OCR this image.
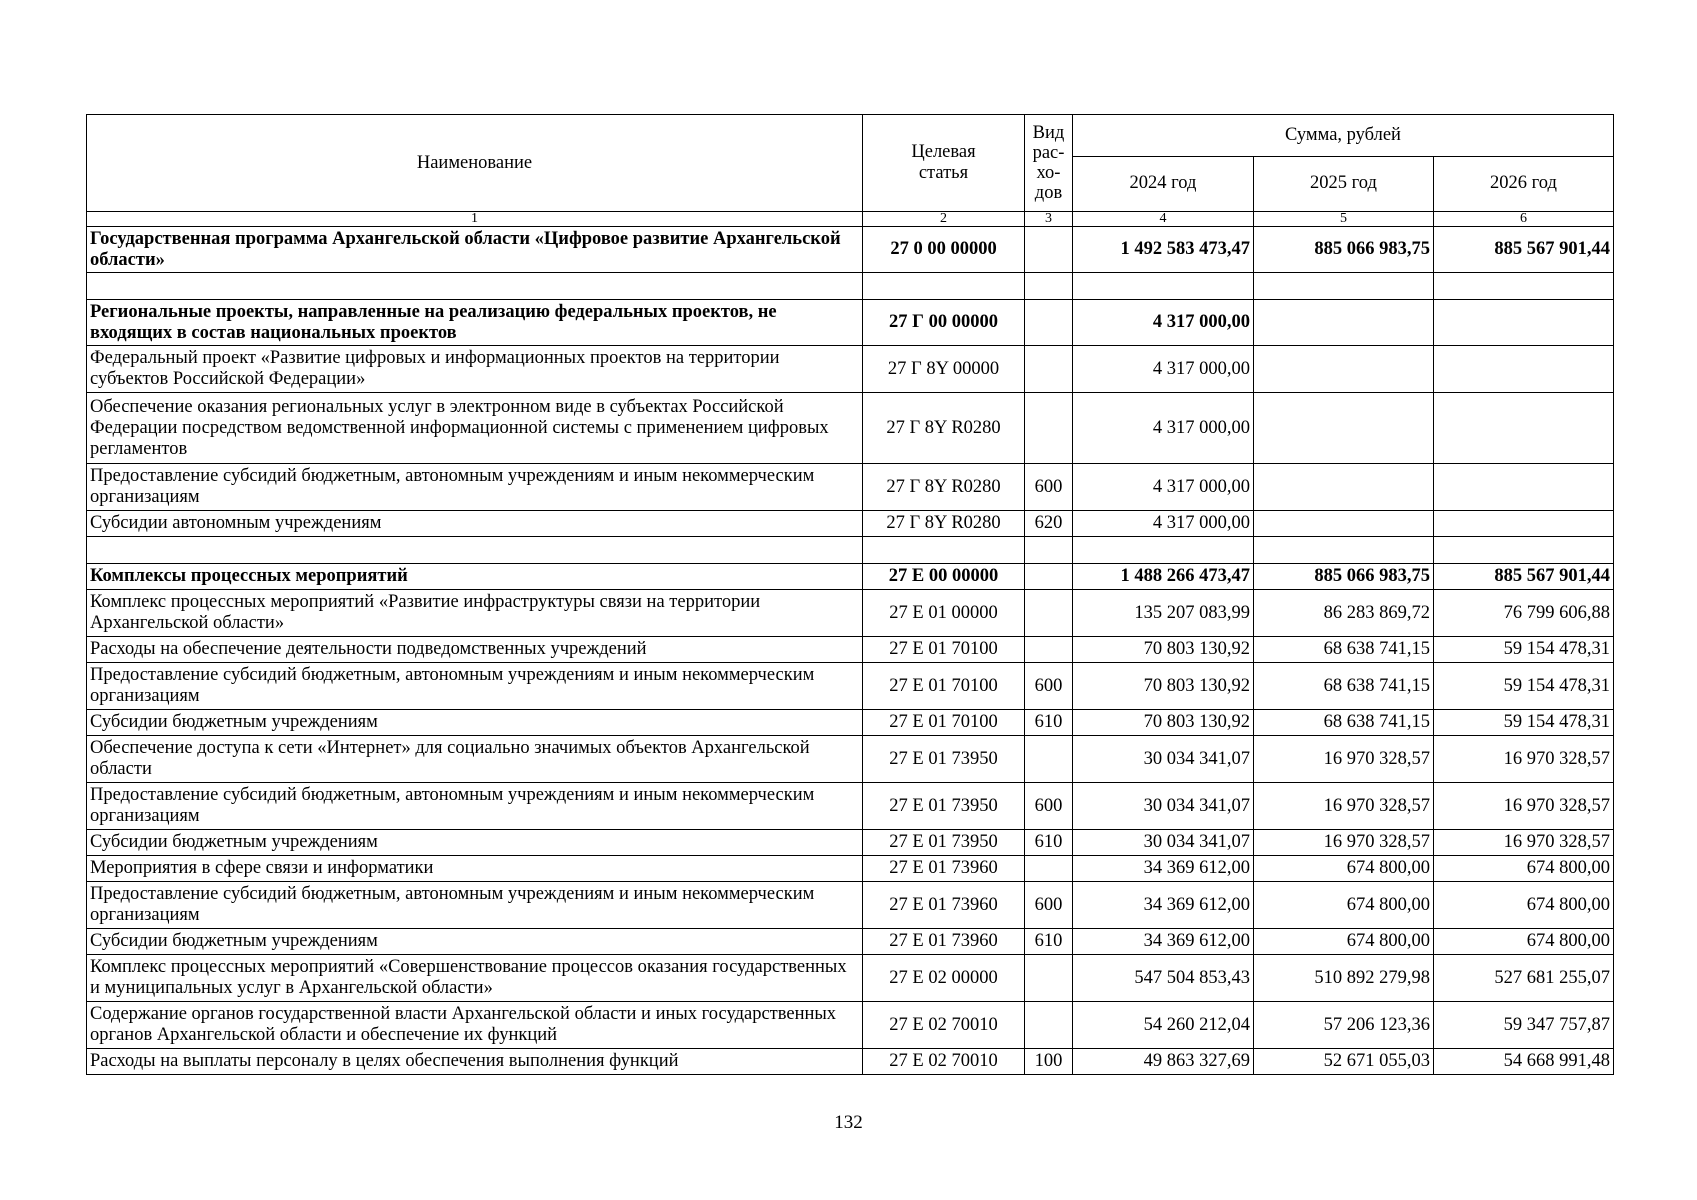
Наименование	Целевая статья	Вид
рас-
хо-
дов	Сумма, рублей		
			2024 год	2025 год	2026 год
1	2	3	4	5	6
Государственная программа Архангельской области «Цифровое развитие Архангельской области»	27 0 00 00000		1 492 583 473,47	885 066 983,75	885 567 901,44

Региональные проекты, направленные на реализацию федеральных проектов, не входящих в состав национальных проектов	27 Г 00 00000		4 317 000,00		
Федеральный проект «Развитие цифровых и информационных проектов на территории субъектов Российской Федерации»	27 Г 8Y 00000		4 317 000,00		
Обеспечение оказания региональных услуг в электронном виде в субъектах Российской Федерации посредством ведомственной информационной системы с применением цифровых регламентов	27 Г 8Y R0280		4 317 000,00		
Предоставление субсидий бюджетным, автономным учреждениям и иным некоммерческим организациям	27 Г 8Y R0280	600	4 317 000,00		
Субсидии автономным учреждениям	27 Г 8Y R0280	620	4 317 000,00		

Комплексы процессных мероприятий	27 Е 00 00000		1 488 266 473,47	885 066 983,75	885 567 901,44
Комплекс процессных мероприятий «Развитие инфраструктуры связи на территории Архангельской области»	27 Е 01 00000		135 207 083,99	86 283 869,72	76 799 606,88
Расходы на обеспечение деятельности подведомственных учреждений	27 Е 01 70100		70 803 130,92	68 638 741,15	59 154 478,31
Предоставление субсидий бюджетным, автономным учреждениям и иным некоммерческим организациям	27 Е 01 70100	600	70 803 130,92	68 638 741,15	59 154 478,31
Субсидии бюджетным учреждениям	27 Е 01 70100	610	70 803 130,92	68 638 741,15	59 154 478,31
Обеспечение доступа к сети «Интернет» для социально значимых объектов Архангельской области	27 Е 01 73950		30 034 341,07	16 970 328,57	16 970 328,57
Предоставление субсидий бюджетным, автономным учреждениям и иным некоммерческим организациям	27 Е 01 73950	600	30 034 341,07	16 970 328,57	16 970 328,57
Субсидии бюджетным учреждениям	27 Е 01 73950	610	30 034 341,07	16 970 328,57	16 970 328,57
Мероприятия в сфере связи и информатики	27 Е 01 73960		34 369 612,00	674 800,00	674 800,00
Предоставление субсидий бюджетным, автономным учреждениям и иным некоммерческим организациям	27 Е 01 73960	600	34 369 612,00	674 800,00	674 800,00
Субсидии бюджетным учреждениям	27 Е 01 73960	610	34 369 612,00	674 800,00	674 800,00
Комплекс процессных мероприятий «Совершенствование процессов оказания государственных и муниципальных услуг в Архангельской области»	27 Е 02 00000		547 504 853,43	510 892 279,98	527 681 255,07
Содержание органов государственной власти Архангельской области и иных государственных органов Архангельской области и обеспечение их функций	27 Е 02 70010		54 260 212,04	57 206 123,36	59 347 757,87
Расходы на выплаты персоналу в целях обеспечения выполнения функций	27 Е 02 70010	100	49 863 327,69	52 671 055,03	54 668 991,48
132
